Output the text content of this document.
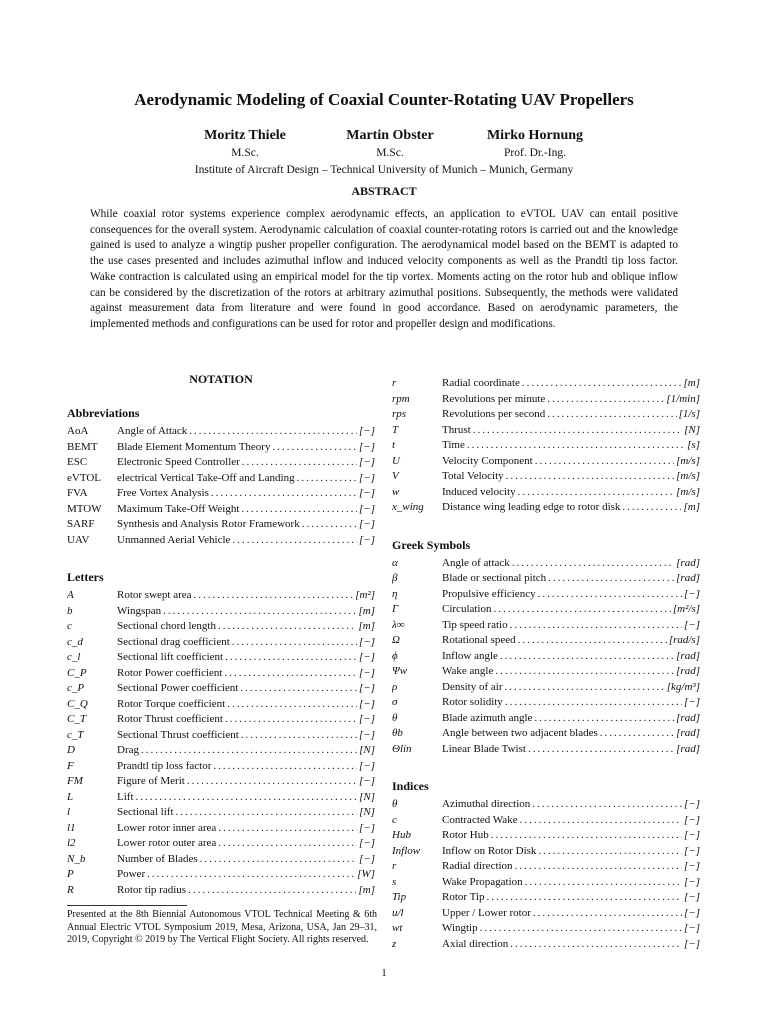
Aerodynamic Modeling of Coaxial Counter-Rotating UAV Propellers
Moritz Thiele
M.Sc.
Martin Obster
M.Sc.
Mirko Hornung
Prof. Dr.-Ing.
Institute of Aircraft Design – Technical University of Munich – Munich, Germany
ABSTRACT
While coaxial rotor systems experience complex aerodynamic effects, an application to eVTOL UAV can entail positive consequences for the overall system. Aerodynamic calculation of coaxial counter-rotating rotors is carried out and the knowledge gained is used to analyze a wingtip pusher propeller configuration. The aerodynamical model based on the BEMT is adapted to the use cases presented and includes azimuthal inflow and induced velocity components as well as the Prandtl tip loss factor. Wake contraction is calculated using an empirical model for the tip vortex. Moments acting on the rotor hub and oblique inflow can be considered by the discretization of the rotors at arbitrary azimuthal positions. Subsequently, the methods were validated against measurement data from literature and were found in good accordance. Based on aerodynamic parameters, the implemented methods and configurations can be used for rotor and propeller design and modifications.
NOTATION
Abbreviations
AoA	Angle of Attack .....	[−]
BEMT	Blade Element Momentum Theory .....	[−]
ESC	Electronic Speed Controller .....	[−]
eVTOL	electrical Vertical Take-Off and Landing .....	[−]
FVA	Free Vortex Analysis .....	[−]
MTOW	Maximum Take-Off Weight .....	[−]
SARF	Synthesis and Analysis Rotor Framework .....	[−]
UAV	Unmanned Aerial Vehicle .....	[−]
Letters
A	Rotor swept area .....	[m²]
b	Wingspan .....	[m]
c	Sectional chord length .....	[m]
c_d	Sectional drag coefficient .....	[−]
c_l	Sectional lift coefficient .....	[−]
C_P	Rotor Power coefficient .....	[−]
c_P	Sectional Power coefficient .....	[−]
C_Q	Rotor Torque coefficient .....	[−]
C_T	Rotor Thrust coefficient .....	[−]
c_T	Sectional Thrust coefficient .....	[−]
D	Drag .....	[N]
F	Prandtl tip loss factor .....	[−]
FM	Figure of Merit .....	[−]
L	Lift .....	[N]
l	Sectional lift .....	[N]
l1	Lower rotor inner area .....	[−]
l2	Lower rotor outer area .....	[−]
N_b	Number of Blades .....	[−]
P	Power .....	[W]
R	Rotor tip radius .....	[m]
r	Radial coordinate .....	[m]
rpm	Revolutions per minute .....	[1/min]
rps	Revolutions per second .....	[1/s]
T	Thrust .....	[N]
t	Time .....	[s]
U	Velocity Component .....	[m/s]
V	Total Velocity .....	[m/s]
w	Induced velocity .....	[m/s]
x_wing	Distance wing leading edge to rotor disk .....	[m]
Greek Symbols
α	Angle of attack .....	[rad]
β	Blade or sectional pitch .....	[rad]
η	Propulsive efficiency .....	[−]
Γ	Circulation .....	[m²/s]
λ∞	Tip speed ratio .....	[−]
Ω	Rotational speed .....	[rad/s]
ϕ	Inflow angle .....	[rad]
Ψw	Wake angle .....	[rad]
ρ	Density of air .....	[kg/m³]
σ	Rotor solidity .....	[−]
θ	Blade azimuth angle .....	[rad]
θb	Angle between two adjacent blades .....	[rad]
Θlin	Linear Blade Twist .....	[rad]
Indices
θ	Azimuthal direction .....	[−]
c	Contracted Wake .....	[−]
Hub	Rotor Hub .....	[−]
Inflow	Inflow on Rotor Disk .....	[−]
r	Radial direction .....	[−]
s	Wake Propagation .....	[−]
Tip	Rotor Tip .....	[−]
u/l	Upper / Lower rotor .....	[−]
wt	Wingtip .....	[−]
z	Axial direction .....	[−]
Presented at the 8th Biennial Autonomous VTOL Technical Meeting & 6th Annual Electric VTOL Symposium 2019, Mesa, Arizona, USA, Jan 29–31, 2019, Copyright © 2019 by The Vertical Flight Society. All rights reserved.
1
